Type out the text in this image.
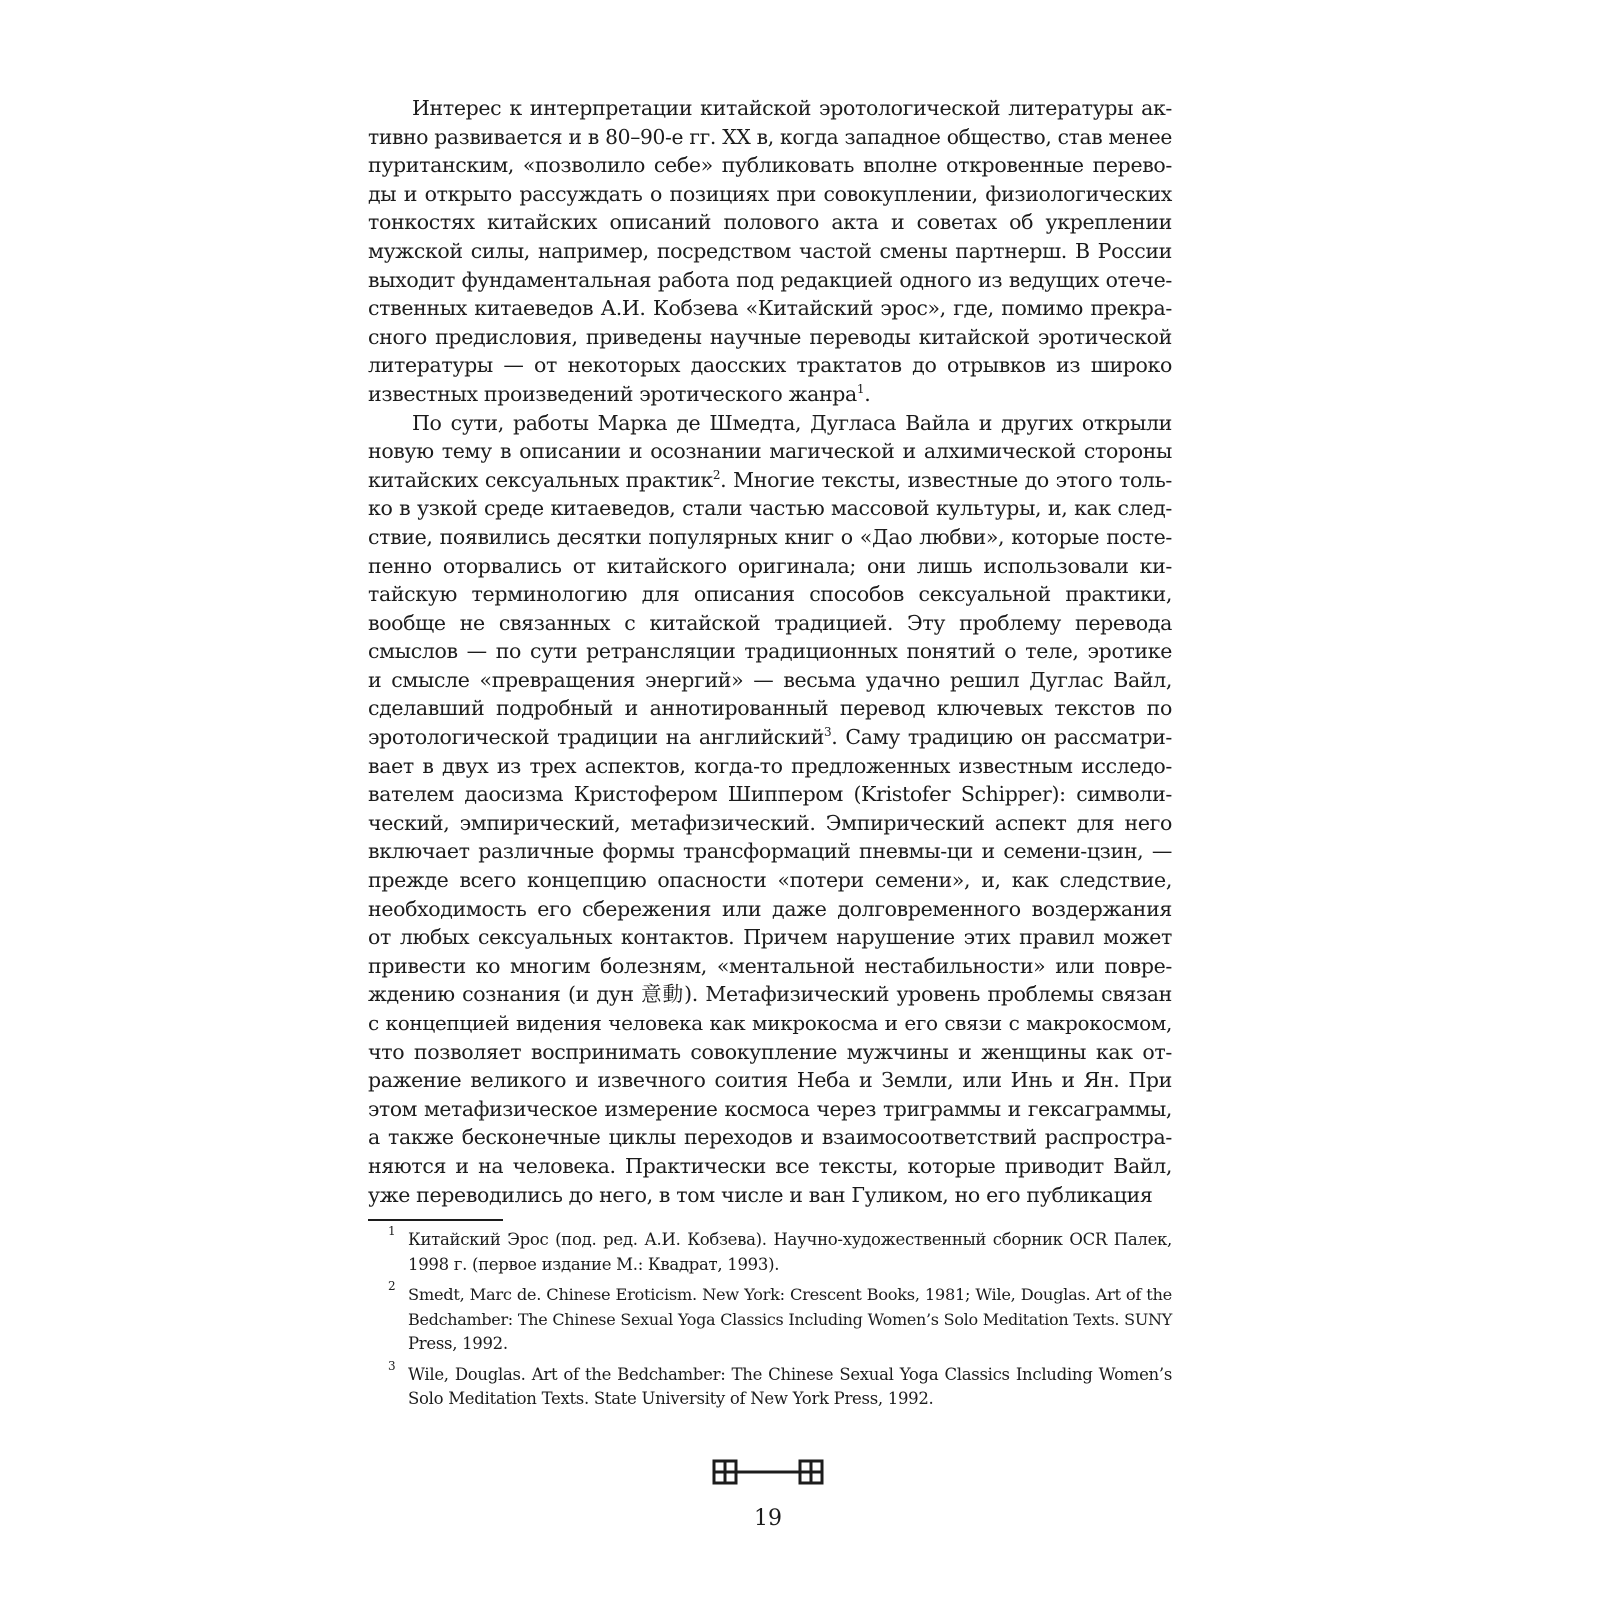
Интерес к интерпретации китайской эротологической литературы ак-
тивно развивается и в 80–90-е гг. XX в, когда западное общество, став менее
пуританским, «позволило себе» публиковать вполне откровенные перево-
ды и открыто рассуждать о позициях при совокуплении, физиологических
тонкостях китайских описаний полового акта и советах об укреплении
мужской силы, например, посредством частой смены партнерш. В России
выходит фундаментальная работа под редакцией одного из ведущих отече-
ственных китаеведов А.И. Кобзева «Китайский эрос», где, помимо прекра-
сного предисловия, приведены научные переводы китайской эротической
литературы — от некоторых даосских трактатов до отрывков из широко
известных произведений эротического жанра$^1$.
По сути, работы Марка де Шмедта, Дугласа Вайла и других открыли
новую тему в описании и осознании магической и алхимической стороны
китайских сексуальных практик$^2$. Многие тексты, известные до этого толь-
ко в узкой среде китаеведов, стали частью массовой культуры, и, как след-
ствие, появились десятки популярных книг о «Дао любви», которые посте-
пенно оторвались от китайского оригинала; они лишь использовали ки-
тайскую терминологию для описания способов сексуальной практики,
вообще не связанных с китайской традицией. Эту проблему перевода
смыслов — по сути ретрансляции традиционных понятий о теле, эротике
и смысле «превращения энергий» — весьма удачно решил Дуглас Вайл,
сделавший подробный и аннотированный перевод ключевых текстов по
эротологической традиции на английский$^3$. Саму традицию он рассматри-
вает в двух из трех аспектов, когда-то предложенных известным исследо-
вателем даосизма Кристофером Шиппером (Kristofer Schipper): символи-
ческий, эмпирический, метафизический. Эмпирический аспект для него
включает различные формы трансформаций пневмы-ци и семени-цзин, —
прежде всего концепцию опасности «потери семени», и, как следствие,
необходимость его сбережения или даже долговременного воздержания
от любых сексуальных контактов. Причем нарушение этих правил может
привести ко многим болезням, «ментальной нестабильности» или повре-
ждению сознания (и дун 意動). Метафизический уровень проблемы связан
с концепцией видения человека как микрокосма и его связи с макрокосмом,
что позволяет воспринимать совокупление мужчины и женщины как от-
ражение великого и извечного соития Неба и Земли, или Инь и Ян. При
этом метафизическое измерение космоса через триграммы и гексаграммы,
а также бесконечные циклы переходов и взаимосоответствий распростра-
няются и на человека. Практически все тексты, которые приводит Вайл,
уже переводились до него, в том числе и ван Гуликом, но его публикация
1 Китайский Эрос (под. ред. А.И. Кобзева). Научно-художественный сборник OCR Палек,
1998 г. (первое издание М.: Квадрат, 1993).
2 Smedt, Marc de. Chinese Eroticism. New York: Crescent Books, 1981; Wile, Douglas. Art of the
Bedchamber: The Chinese Sexual Yoga Classics Including Women’s Solo Meditation Texts. SUNY
Press, 1992.
3 Wile, Douglas. Art of the Bedchamber: The Chinese Sexual Yoga Classics Including Women’s
Solo Meditation Texts. State University of New York Press, 1992.
19
